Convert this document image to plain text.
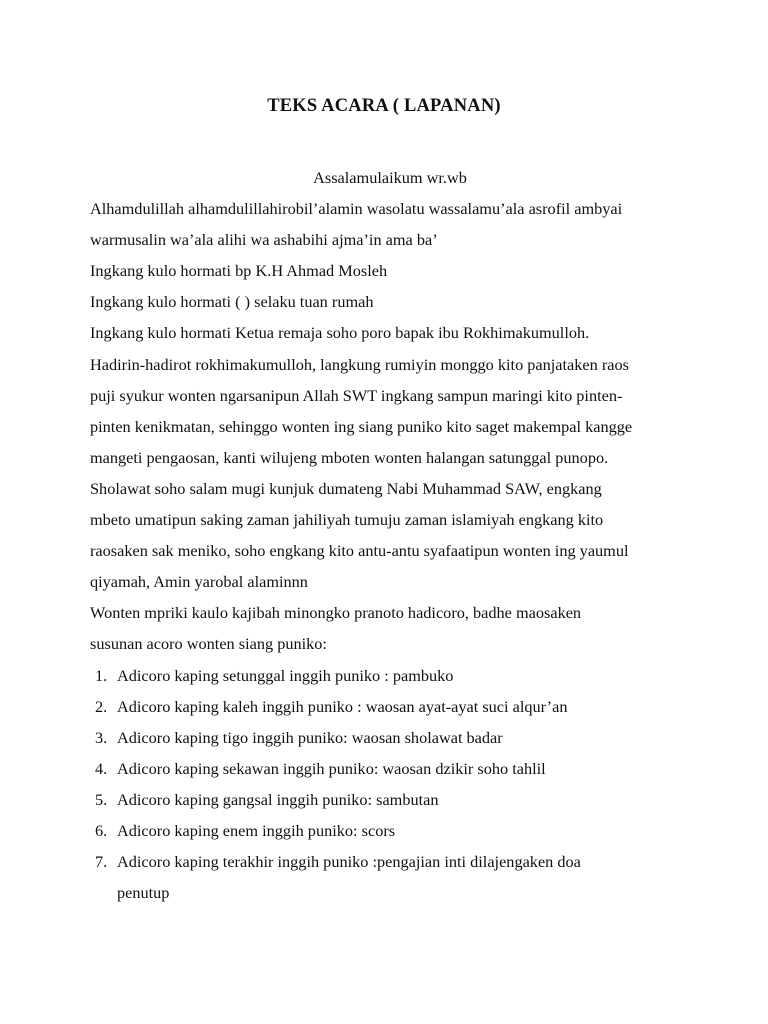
TEKS ACARA ( LAPANAN)
Assalamulaikum wr.wb
Alhamdulillah alhamdulillahirobil’alamin wasolatu wassalamu’ala asrofil ambyai
warmusalin wa’ala alihi wa ashabihi ajma’in ama ba’
Ingkang kulo hormati bp K.H Ahmad Mosleh
Ingkang kulo hormati ( ) selaku tuan rumah
Ingkang kulo hormati Ketua remaja soho poro bapak ibu Rokhimakumulloh.
Hadirin-hadirot rokhimakumulloh, langkung rumiyin monggo kito panjataken raos
puji syukur wonten ngarsanipun Allah SWT ingkang sampun maringi kito pinten-
pinten kenikmatan, sehinggo wonten ing siang puniko kito saget makempal kangge
mangeti pengaosan, kanti wilujeng mboten wonten halangan satunggal punopo.
Sholawat soho salam mugi kunjuk dumateng Nabi Muhammad SAW, engkang
mbeto umatipun saking zaman jahiliyah tumuju zaman islamiyah engkang kito
raosaken sak meniko, soho engkang kito antu-antu syafaatipun wonten ing yaumul
qiyamah, Amin yarobal alaminnn
Wonten mpriki kaulo kajibah minongko pranoto hadicoro, badhe maosaken
susunan acoro wonten siang puniko:
1. Adicoro kaping setunggal inggih puniko : pambuko
2. Adicoro kaping kaleh inggih puniko : waosan ayat-ayat suci alqur’an
3. Adicoro kaping tigo inggih puniko: waosan sholawat badar
4. Adicoro kaping sekawan inggih puniko: waosan dzikir soho tahlil
5. Adicoro kaping gangsal inggih puniko: sambutan
6. Adicoro kaping enem inggih puniko: scors
7. Adicoro kaping terakhir inggih puniko :pengajian inti dilajengaken doa
penutup
